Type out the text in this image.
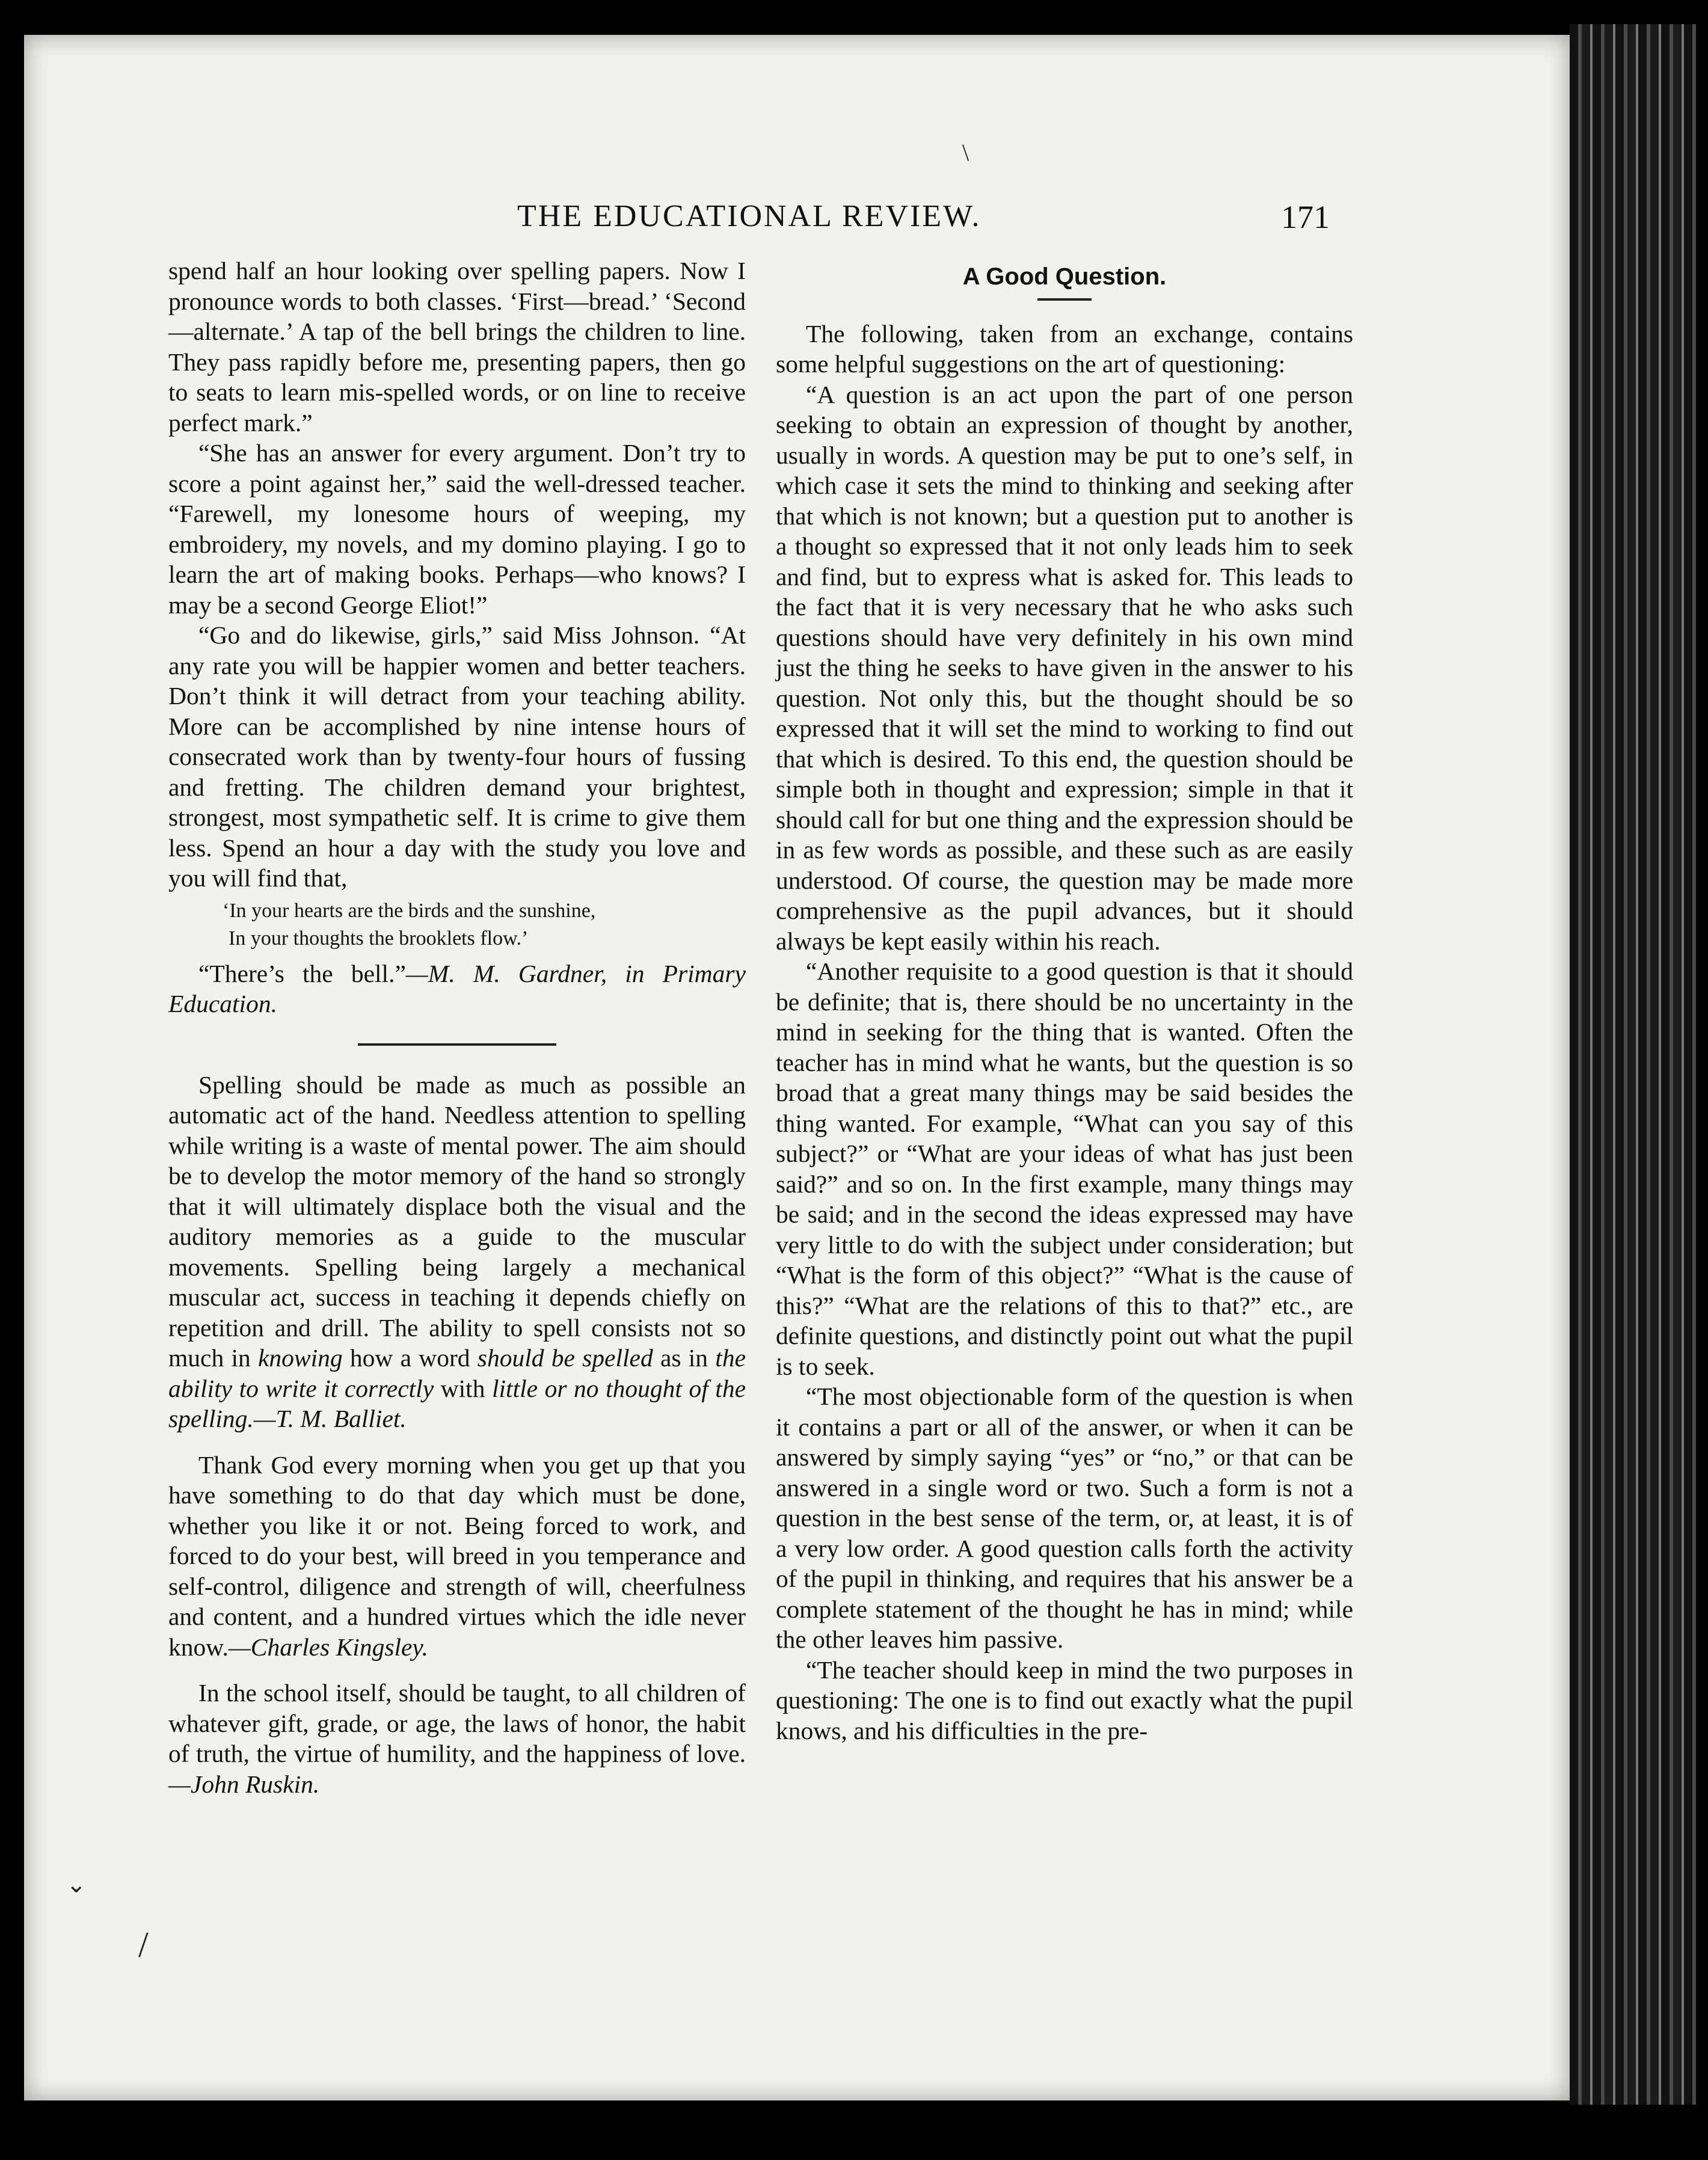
THE EDUCATIONAL REVIEW.	171

spend half an hour looking over spelling papers. Now I pronounce words to both classes. ‘First—bread.’ ‘Second—alternate.’ A tap of the bell brings the children to line. They pass rapidly before me, presenting papers, then go to seats to learn mis-spelled words, or on line to receive perfect mark.”

“She has an answer for every argument. Don’t try to score a point against her,” said the well-dressed teacher. “Farewell, my lonesome hours of weeping, my embroidery, my novels, and my domino playing. I go to learn the art of making books. Perhaps—who knows? I may be a second George Eliot!”

“Go and do likewise, girls,” said Miss Johnson. “At any rate you will be happier women and better teachers. Don’t think it will detract from your teaching ability. More can be accomplished by nine intense hours of consecrated work than by twenty-four hours of fussing and fretting. The children demand your brightest, strongest, most sympathetic self. It is crime to give them less. Spend an hour a day with the study you love and you will find that,

‘In your hearts are the birds and the sunshine,
In your thoughts the brooklets flow.’

“There’s the bell.”—M. M. Gardner, in Primary Education.

Spelling should be made as much as possible an automatic act of the hand. Needless attention to spelling while writing is a waste of mental power. The aim should be to develop the motor memory of the hand so strongly that it will ultimately displace both the visual and the auditory memories as a guide to the muscular movements. Spelling being largely a mechanical muscular act, success in teaching it depends chiefly on repetition and drill. The ability to spell consists not so much in knowing how a word should be spelled as in the ability to write it correctly with little or no thought of the spelling.—T. M. Balliet.

Thank God every morning when you get up that you have something to do that day which must be done, whether you like it or not. Being forced to work, and forced to do your best, will breed in you temperance and self-control, diligence and strength of will, cheerfulness and content, and a hundred virtues which the idle never know.—Charles Kingsley.

In the school itself, should be taught, to all children of whatever gift, grade, or age, the laws of honor, the habit of truth, the virtue of humility, and the happiness of love.—John Ruskin.

A Good Question.

The following, taken from an exchange, contains some helpful suggestions on the art of questioning:

“A question is an act upon the part of one person seeking to obtain an expression of thought by another, usually in words. A question may be put to one’s self, in which case it sets the mind to thinking and seeking after that which is not known; but a question put to another is a thought so expressed that it not only leads him to seek and find, but to express what is asked for. This leads to the fact that it is very necessary that he who asks such questions should have very definitely in his own mind just the thing he seeks to have given in the answer to his question. Not only this, but the thought should be so expressed that it will set the mind to working to find out that which is desired. To this end, the question should be simple both in thought and expression; simple in that it should call for but one thing and the expression should be in as few words as possible, and these such as are easily understood. Of course, the question may be made more comprehensive as the pupil advances, but it should always be kept easily within his reach.

“Another requisite to a good question is that it should be definite; that is, there should be no uncertainty in the mind in seeking for the thing that is wanted. Often the teacher has in mind what he wants, but the question is so broad that a great many things may be said besides the thing wanted. For example, “What can you say of this subject?” or “What are your ideas of what has just been said?” and so on. In the first example, many things may be said; and in the second the ideas expressed may have very little to do with the subject under consideration; but “What is the form of this object?” “What is the cause of this?” “What are the relations of this to that?” etc., are definite questions, and distinctly point out what the pupil is to seek.

“The most objectionable form of the question is when it contains a part or all of the answer, or when it can be answered by simply saying “yes” or “no,” or that can be answered in a single word or two. Such a form is not a question in the best sense of the term, or, at least, it is of a very low order. A good question calls forth the activity of the pupil in thinking, and requires that his answer be a complete statement of the thought he has in mind; while the other leaves him passive.

“The teacher should keep in mind the two purposes in questioning: The one is to find out exactly what the pupil knows, and his difficulties in the pre-

\
⌄
/
